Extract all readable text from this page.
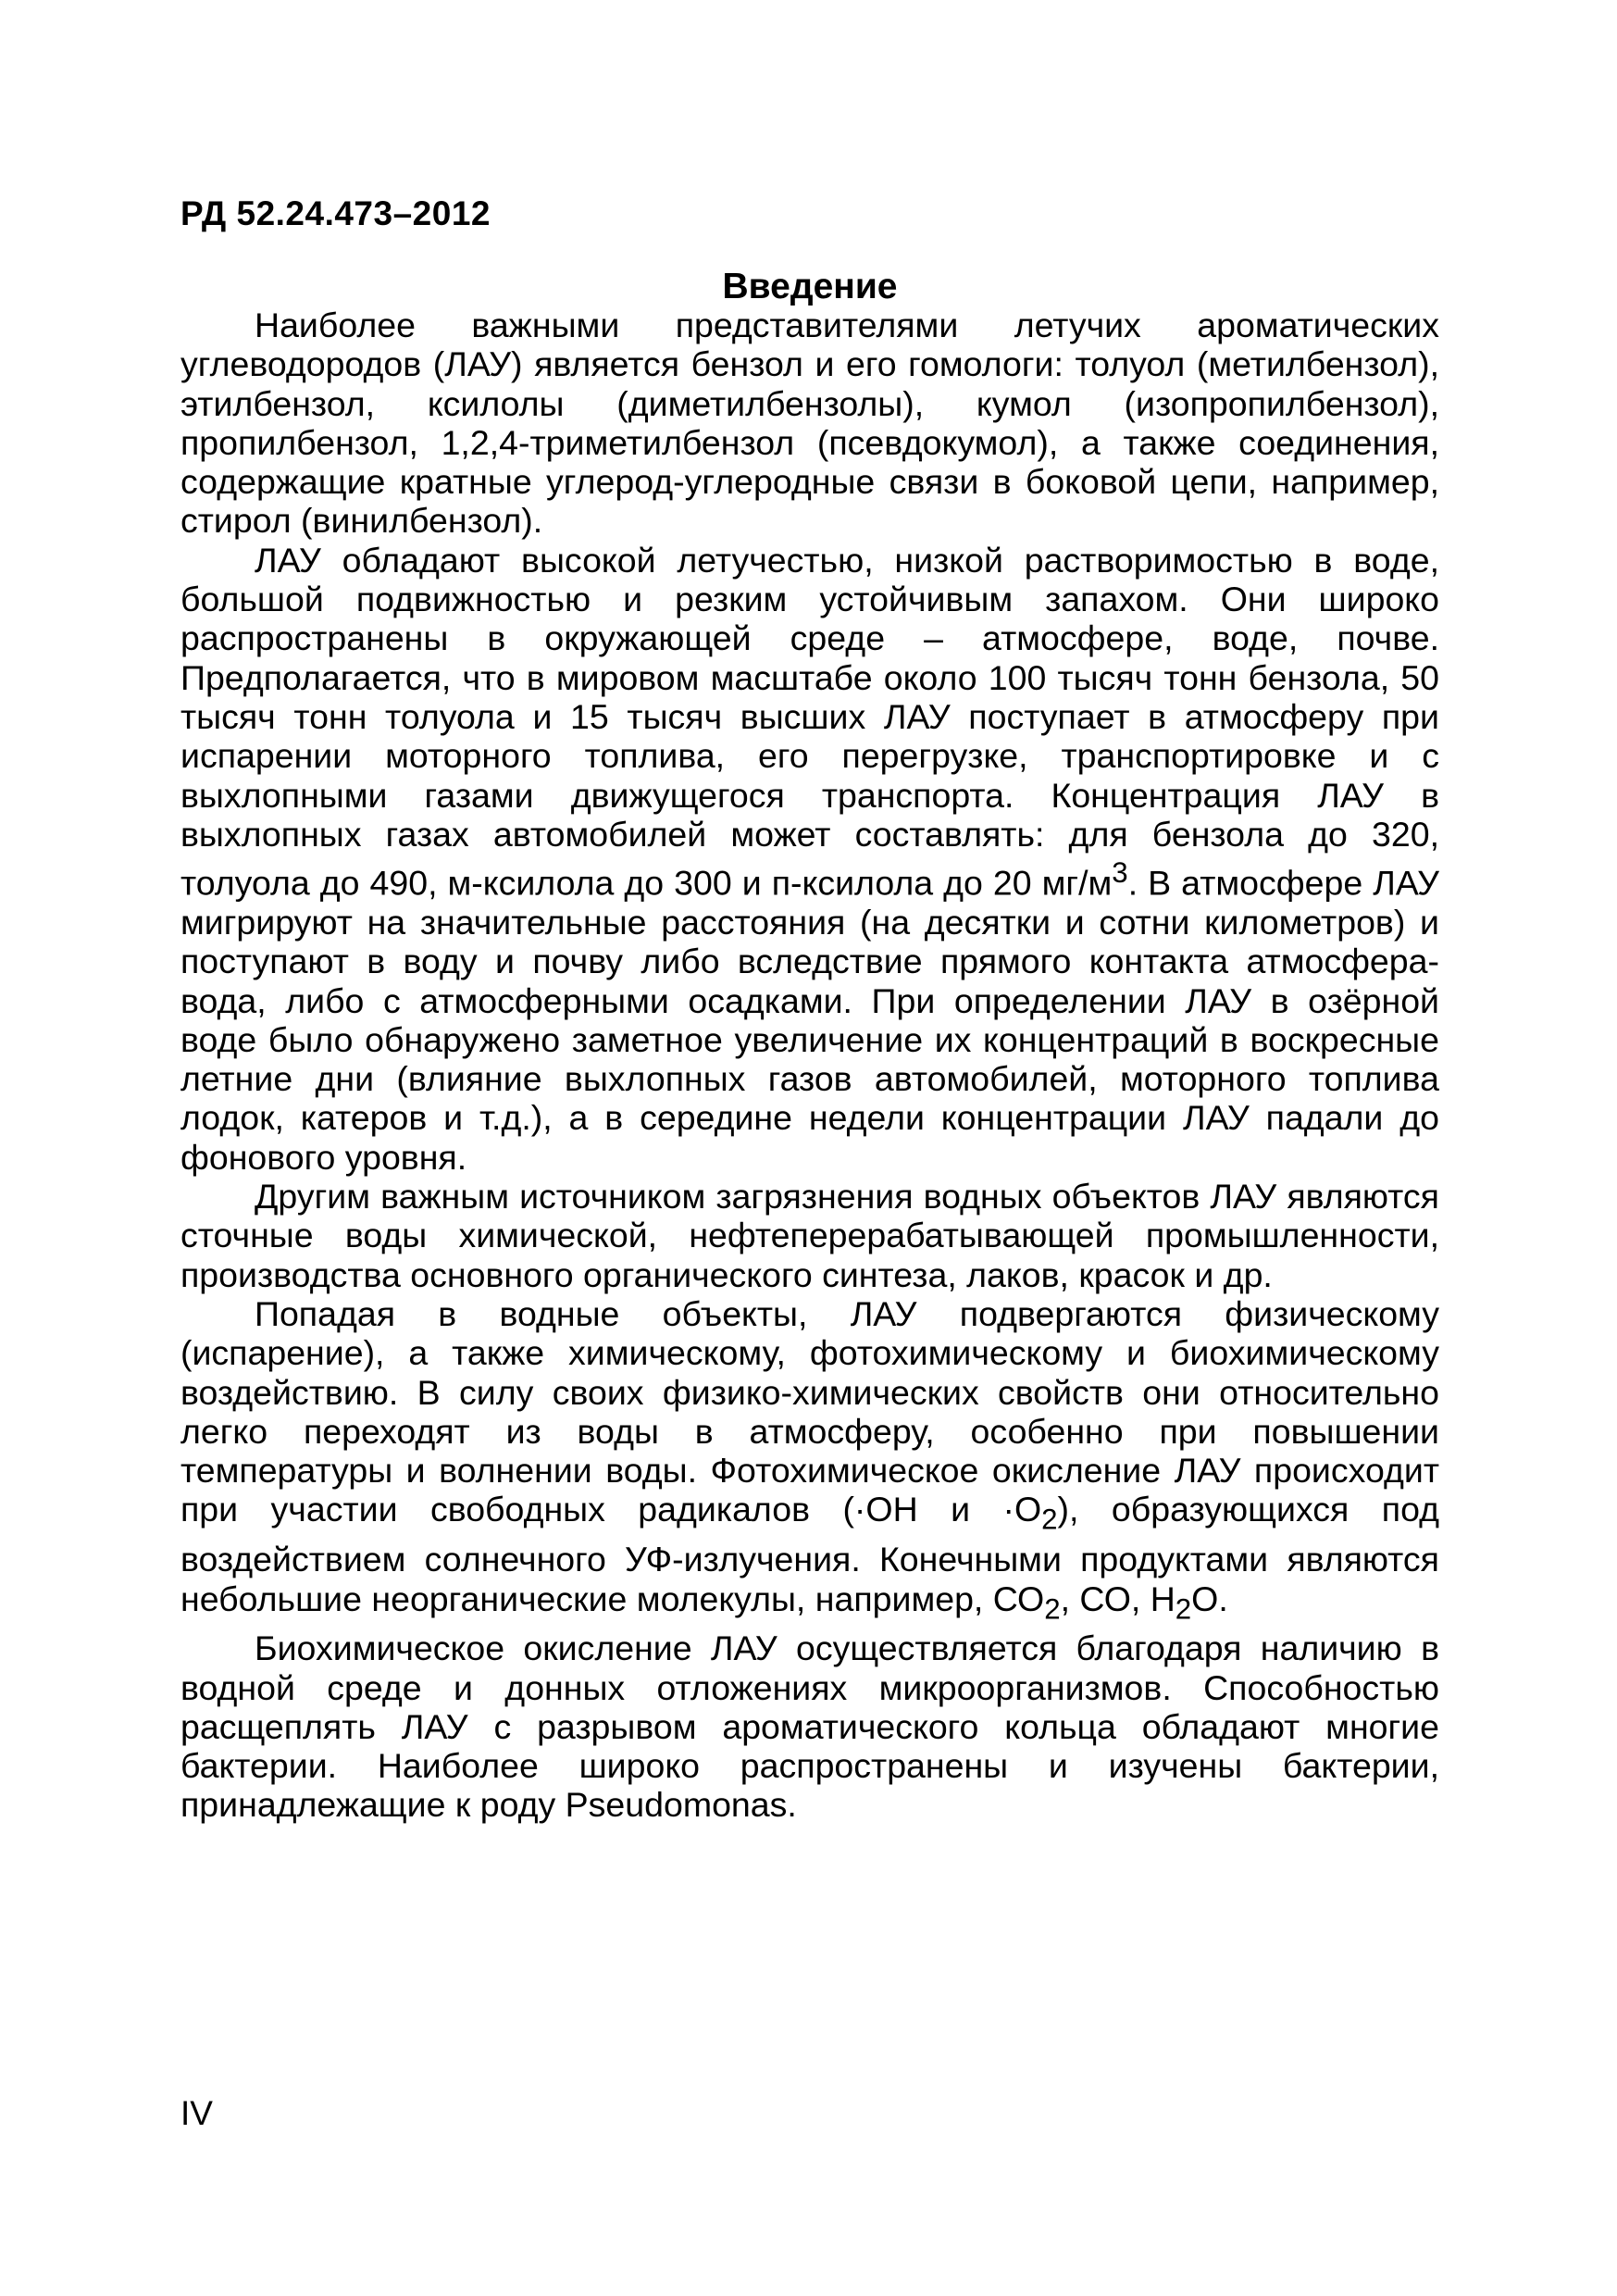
РД 52.24.473–2012
Введение

Наиболее важными представителями летучих ароматических углеводородов (ЛАУ) является бензол и его гомологи: толуол (метилбензол), этилбензол, ксилолы (диметилбензолы), кумол (изопропилбензол), пропилбензол, 1,2,4-триметилбензол (псевдокумол), а также соединения, содержащие кратные углерод-углеродные связи в боковой цепи, например, стирол (винилбензол).

ЛАУ обладают высокой летучестью, низкой растворимостью в воде, большой подвижностью и резким устойчивым запахом. Они широко распространены в окружающей среде – атмосфере, воде, почве. Предполагается, что в мировом масштабе около 100 тысяч тонн бензола, 50 тысяч тонн толуола и 15 тысяч высших ЛАУ поступает в атмосферу при испарении моторного топлива, его перегрузке, транспортировке и с выхлопными газами движущегося транспорта. Концентрация ЛАУ в выхлопных газах автомобилей может составлять: для бензола до 320, толуола до 490, м-ксилола до 300 и п-ксилола до 20 $мг/м^3$. В атмосфере ЛАУ мигрируют на значительные расстояния (на десятки и сотни километров) и поступают в воду и почву либо вследствие прямого контакта атмосфера-вода, либо с атмосферными осадками. При определении ЛАУ в озёрной воде было обнаружено заметное увеличение их концентраций в воскресные летние дни (влияние выхлопных газов автомобилей, моторного топлива лодок, катеров и т.д.), а в середине недели концентрации ЛАУ падали до фонового уровня.

Другим важным источником загрязнения водных объектов ЛАУ являются сточные воды химической, нефтеперерабатывающей промышленности, производства основного органического синтеза, лаков, красок и др.

Попадая в водные объекты, ЛАУ подвергаются физическому (испарение), а также химическому, фотохимическому и биохимическому воздействию. В силу своих физико-химических свойств они относительно легко переходят из воды в атмосферу, особенно при повышении температуры и волнении воды. Фотохимическое окисление ЛАУ происходит при участии свободных радикалов (·ОН $и \cdot О_2$), образующихся под воздействием солнечного УФ-излучения. Конечными продуктами являются небольшие неорганические молекулы, например, $СО_2$, СО, $Н_2О$.

Биохимическое окисление ЛАУ осуществляется благодаря наличию в водной среде и донных отложениях микроорганизмов. Способностью расщеплять ЛАУ с разрывом ароматического кольца обладают многие бактерии. Наиболее широко распространены и изучены бактерии, принадлежащие к роду Pseudomonas.

IV
